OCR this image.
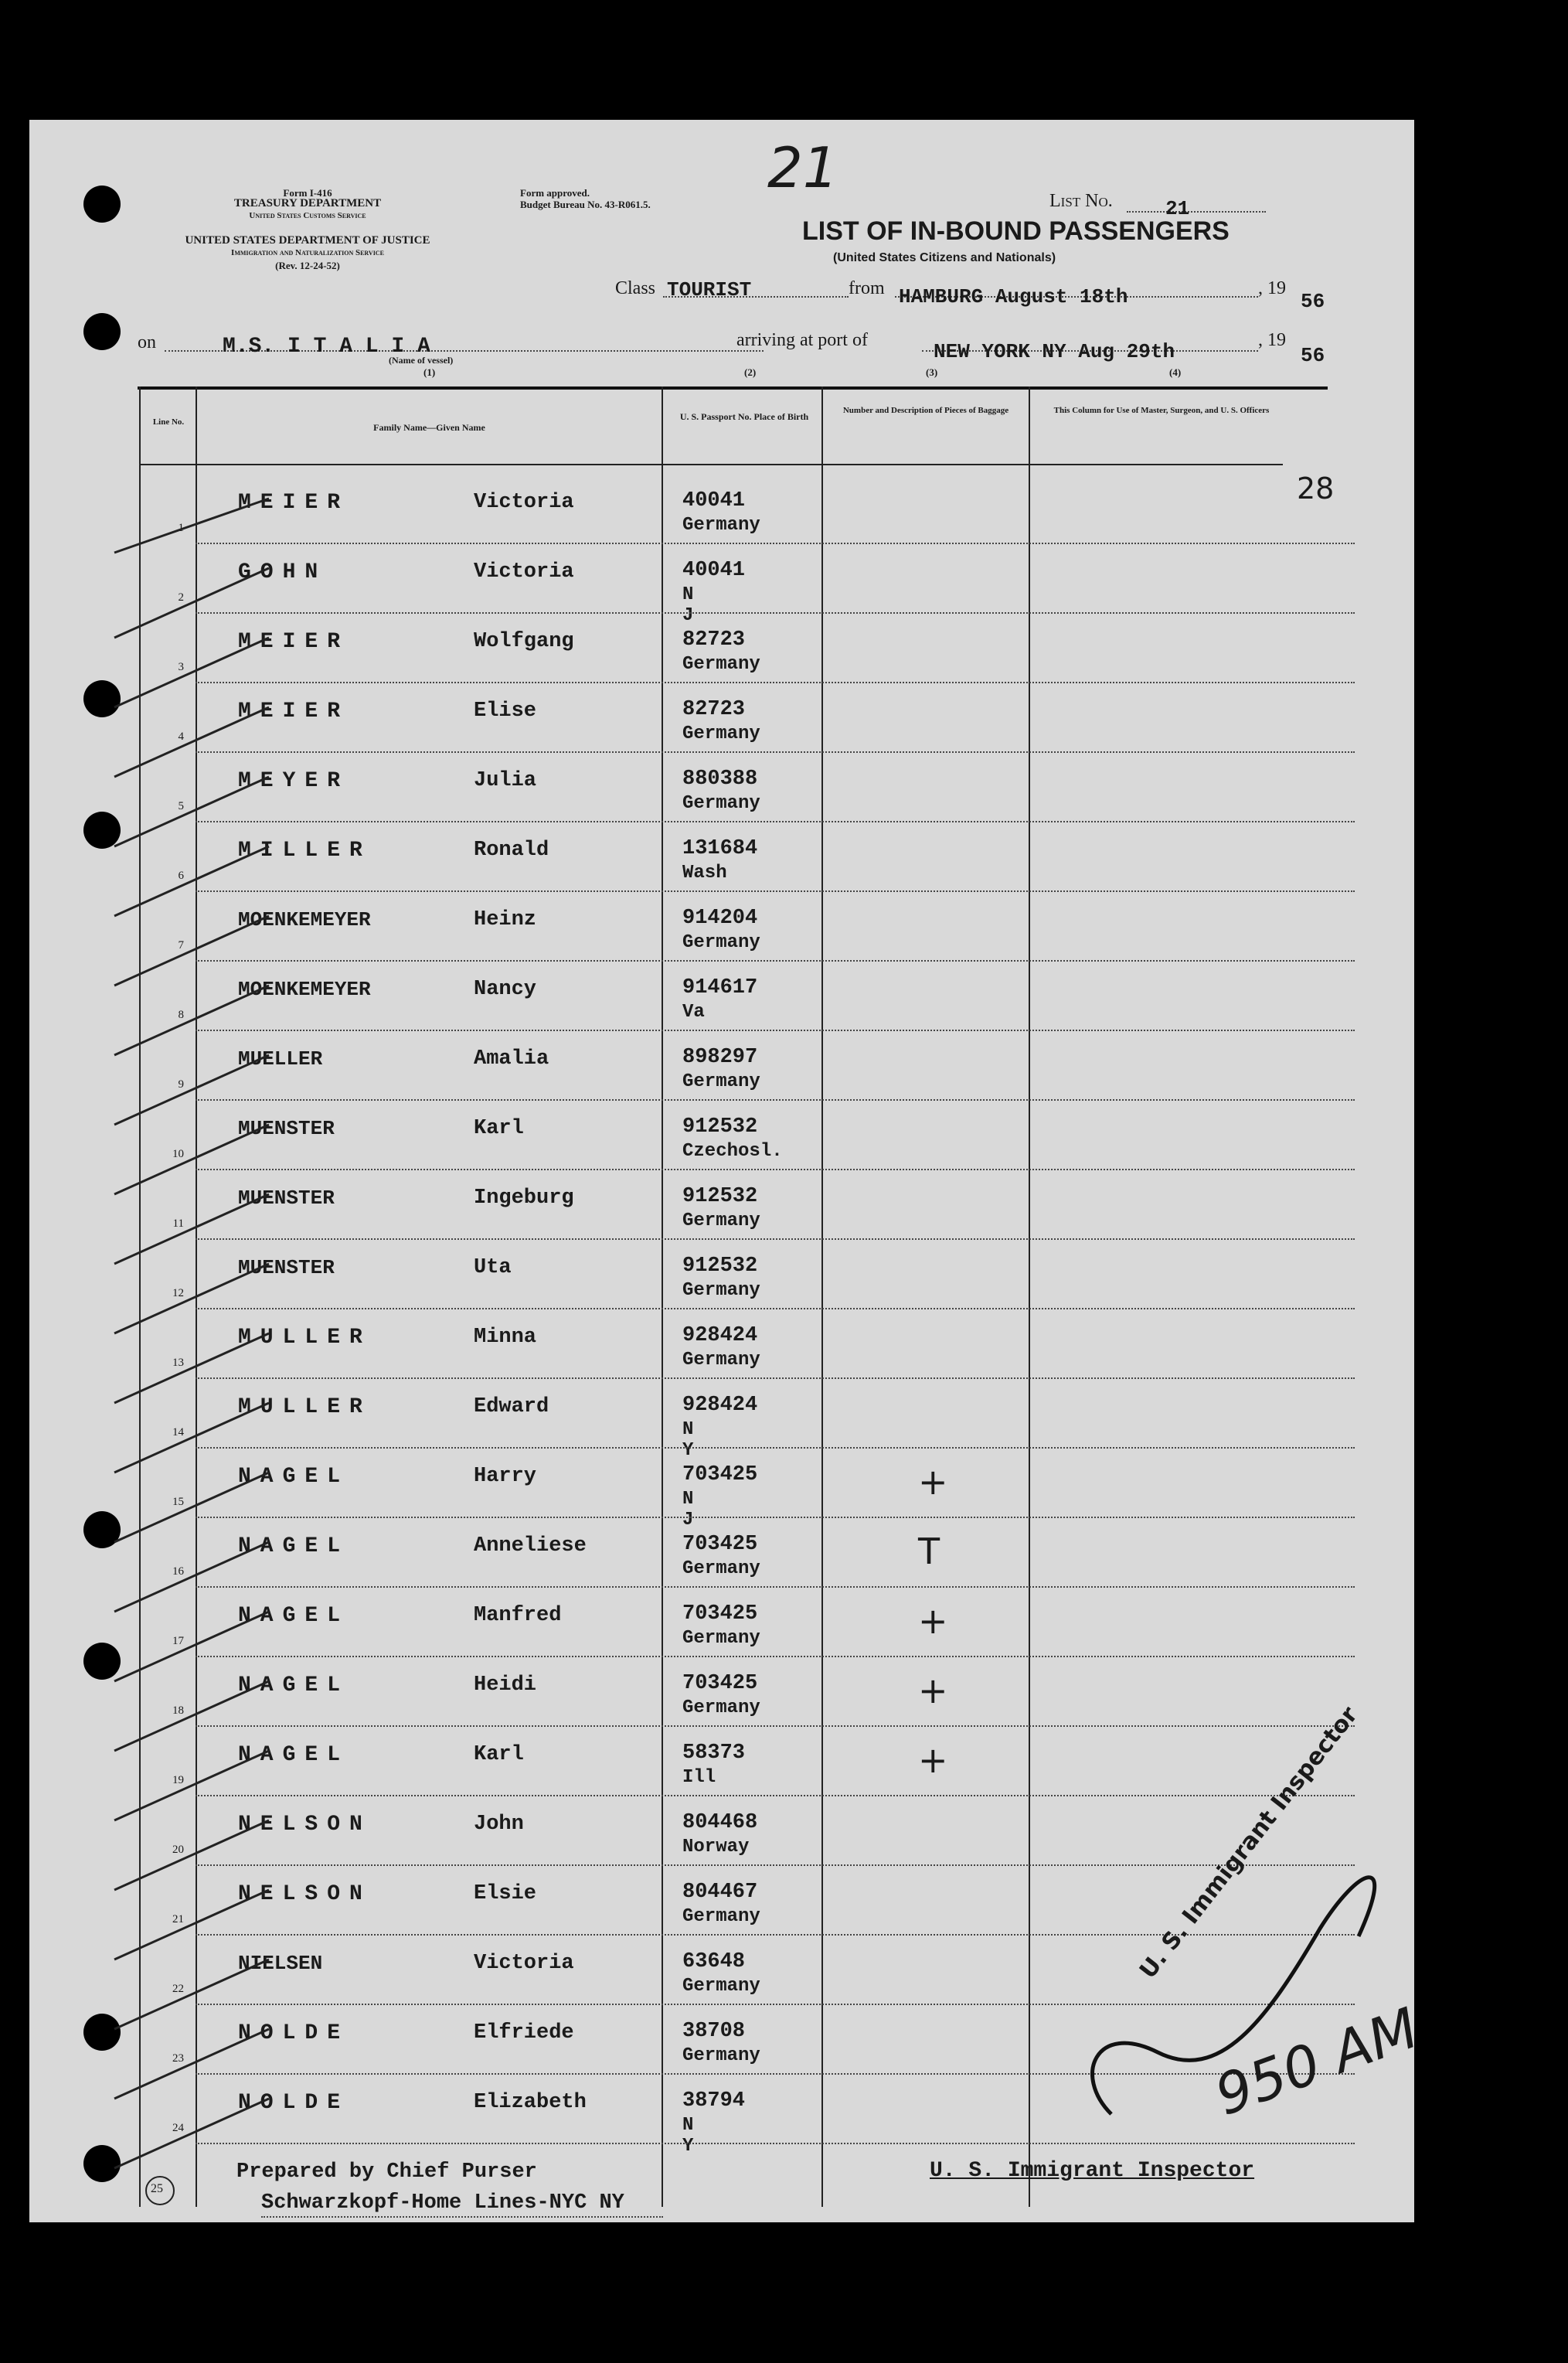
21
28
Form I-416
TREASURY DEPARTMENT
United States Customs Service
UNITED STATES DEPARTMENT OF JUSTICE
Immigration and Naturalization Service
(Rev. 12-24-52)
Form approved.
Budget Bureau No. 43-R061.5.	List No.	21
LIST OF IN-BOUND PASSENGERS
(United States Citizens and Nationals)
Class TOURIST	from HAMBURG August 18th	, 19
56
on	M.S. I T A L I A
(Name of vessel)
(1)
arriving at port of
(2)
NEW YORK NY Aug 29th
(3)	(4)
, 19
56
Line No.	Family Name—Given Name
U. S. Passport No. Place of Birth
Number and Description of Pieces of Baggage	This Column for Use of Master, Surgeon, and U. S. Officers
1
MEIER	Victoria	40041
Germany
2
GOHN	Victoria	40041
N J
3
MEIER	Wolfgang	82723
Germany
4
MEIER	Elise	82723
Germany
5
MEYER	Julia	880388
Germany
6
MILLER	Ronald	131684
Wash
7
MOENKEMEYER	Heinz	914204
Germany
8
MOENKEMEYER	Nancy	914617
Va
9
MUELLER	Amalia	898297
Germany
10
MUENSTER	Karl	912532
Czechosl.
11
MUENSTER	Ingeburg	912532
Germany
12
MUENSTER	Uta	912532
Germany
13
MULLER	Minna	928424
Germany
14
MULLER	Edward	928424
N Y
15
NAGEL	Harry	703425
N J
+
16
NAGEL	Anneliese	703425
Germany	T
17
NAGEL	Manfred	703425
Germany	+
18
NAGEL	Heidi	703425
Germany	+
19
NAGEL	Karl	58373
Ill	+
20
NELSON	John	804468
Norway
21
NELSON	Elsie	804467
Germany
22
NIELSEN	Victoria	63648
Germany
23
NOLDE	Elfriede	38708
Germany
24
NOLDE	Elizabeth	38794
N Y
25
Prepared by Chief Purser
Schwarzkopf-Home Lines-NYC NY
U. S. Immigrant Inspector
U. S. Immigrant Inspector
950 AM
